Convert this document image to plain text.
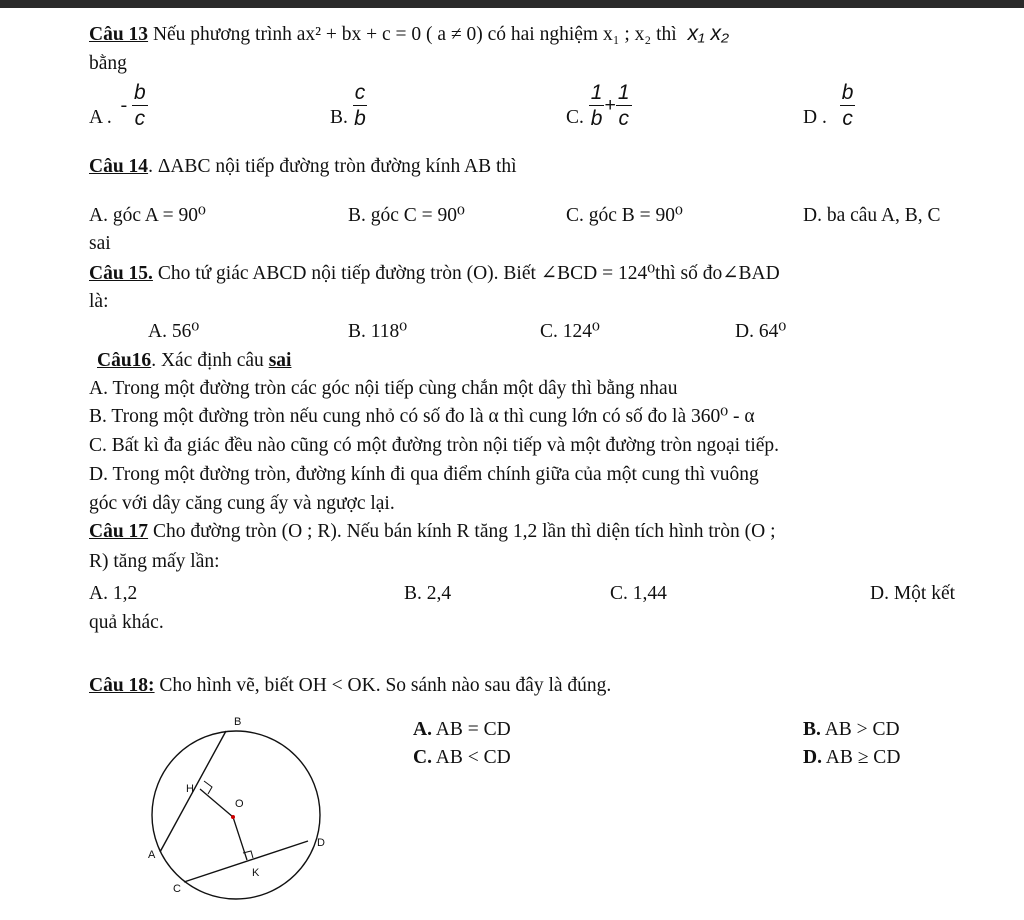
Câu 13 Nếu phương trình ax² + bx + c = 0 ( a ≠ 0) có hai nghiệm x₁ ; x₂ thì x₁ x₂
bằng
A . - $\frac{b}{c}$	B. $\frac{c}{b}$	C. $\frac{1}{b} + \frac{1}{c}$	D . $\frac{b}{c}$
Câu 14. ΔABC nội tiếp đường tròn đường kính AB thì
A. góc A = 90⁰	B. góc C = 90⁰	C. góc B = 90⁰	D. ba câu A, B, C
sai
Câu 15. Cho tứ giác ABCD nội tiếp đường tròn (O). Biết ∠BCD = 124⁰thì số đo∠BAD
là:
A. 56⁰	B. 118⁰	C. 124⁰	D. 64⁰
Câu16. Xác định câu sai
A. Trong một đường tròn các góc nội tiếp cùng chắn một dây thì bằng nhau
B. Trong một đường tròn nếu cung nhỏ có số đo là α thì cung lớn có số đo là 360⁰ - α
C. Bất kì đa giác đều nào cũng có một đường tròn nội tiếp và một đường tròn ngoại tiếp.
D. Trong một đường tròn, đường kính đi qua điểm chính giữa của một cung thì vuông
góc với dây căng cung ấy và ngược lại.
Câu 17 Cho đường tròn (O ; R). Nếu bán kính R tăng 1,2 lần thì diện tích hình tròn (O ;
R) tăng mấy lần:
A. 1,2	B. 2,4	C. 1,44	D. Một kết
quả khác.
Câu 18: Cho hình vẽ, biết OH < OK. So sánh nào sau đây là đúng.
A. AB = CD	B. AB > CD
C. AB < CD	D. AB ≥ CD
B
H
O
A
D
K
C
